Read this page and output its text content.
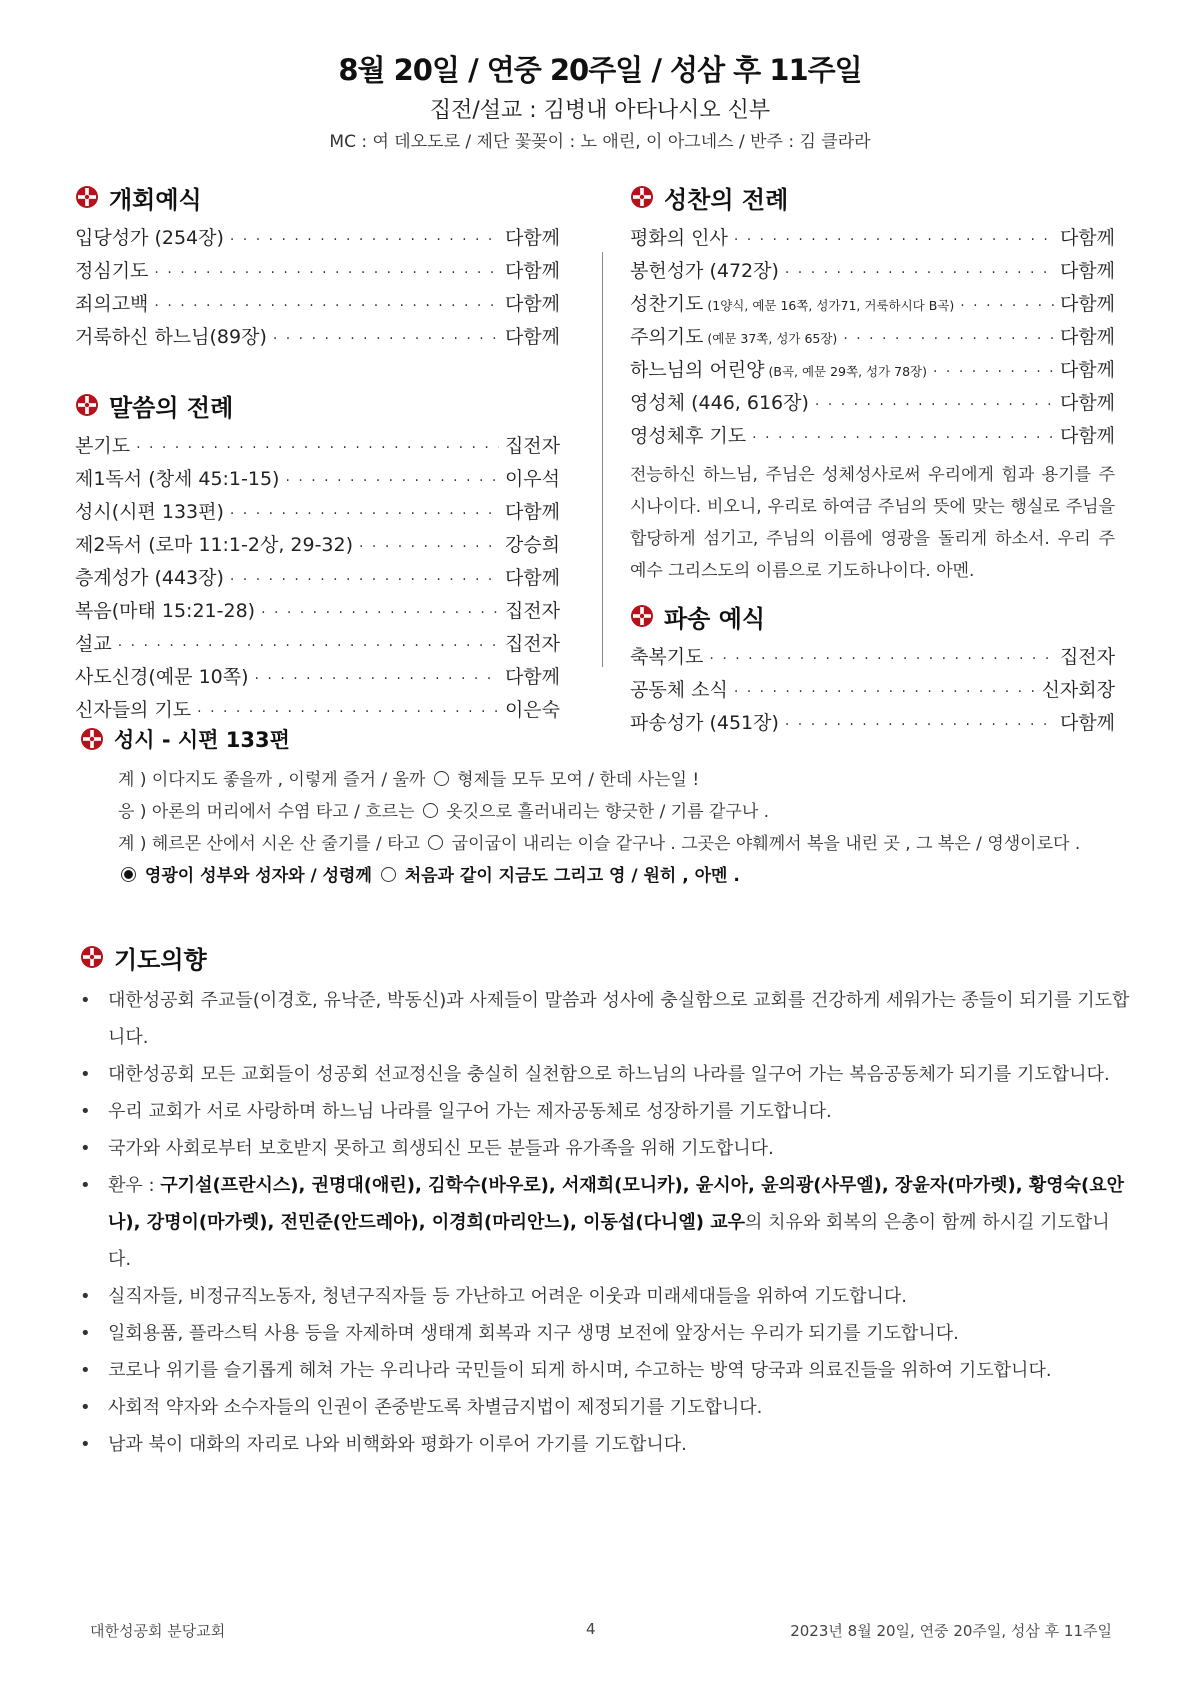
8월 20일 / 연중 20주일 / 성삼 후 11주일
집전/설교 : 김병내 아타나시오 신부
MC : 여 데오도로 / 제단 꽃꽂이 : 노 애린, 이 아그네스 / 반주 : 김 클라라
개회예식
입당성가 (254장) · · ·	다함께
정심기도 · · ·	다함께
죄의고백 · · ·	다함께
거룩하신 하느님(89장) · · ·	다함께
말씀의 전례
본기도 · · ·	집전자
제1독서 (창세 45:1-15) · · ·	이우석
성시(시편 133편) · · ·	다함께
제2독서 (로마 11:1-2상, 29-32) · · ·	강승희
층계성가 (443장) · · ·	다함께
복음(마태 15:21-28) · · ·	집전자
설교 · · ·	집전자
사도신경(예문 10쪽) · · ·	다함께
신자들의 기도 · · ·	이은숙
성찬의 전례
평화의 인사 · · ·	다함께
봉헌성가 (472장) · · ·	다함께
성찬기도 (1양식, 예문 16쪽, 성가71, 거룩하시다 B곡) · · ·	다함께
주의기도 (예문 37쪽, 성가 65장) · · ·	다함께
하느님의 어린양 (B곡, 예문 29쪽, 성가 78장) · · ·	다함께
영성체 (446, 616장) · · ·	다함께
영성체후 기도 · · ·	다함께
전능하신 하느님, 주님은 성체성사로써 우리에게 힘과 용기를 주시나이다. 비오니, 우리로 하여금 주님의 뜻에 맞는 행실로 주님을 합당하게 섬기고, 주님의 이름에 영광을 돌리게 하소서. 우리 주 예수 그리스도의 이름으로 기도하나이다. 아멘.
파송 예식
축복기도 · · ·	집전자
공동체 소식 · · ·	신자회장
파송성가 (451장) · · ·	다함께
성시 - 시편 133편
계 ) 이다지도 좋을까 , 이렇게 즐거 / 울까  형제들 모두 모여 / 한데 사는일 !
응 ) 아론의 머리에서 수염 타고 / 흐르는  옷깃으로 흘러내리는 향긋한 / 기름 같구나 .
계 ) 헤르몬 산에서 시온 산 줄기를 / 타고  굽이굽이 내리는 이슬 같구나 . 그곳은 야훼께서 복을 내린 곳 , 그 복은 / 영생이로다 .
영광이 성부와 성자와 / 성령께  처음과 같이 지금도 그리고 영 / 원히 , 아멘 .
기도의향
• 대한성공회 주교들(이경호, 유낙준, 박동신)과 사제들이 말씀과 성사에 충실함으로 교회를 건강하게 세워가는 종들이 되기를 기도합니다.
• 대한성공회 모든 교회들이 성공회 선교정신을 충실히 실천함으로 하느님의 나라를 일구어 가는 복음공동체가 되기를 기도합니다.
• 우리 교회가 서로 사랑하며 하느님 나라를 일구어 가는 제자공동체로 성장하기를 기도합니다.
• 국가와 사회로부터 보호받지 못하고 희생되신 모든 분들과 유가족을 위해 기도합니다.
• 환우 : 구기설(프란시스), 권명대(애린), 김학수(바우로), 서재희(모니카), 윤시아, 윤의광(사무엘), 장윤자(마가렛), 황영숙(요안나), 강명이(마가렛), 전민준(안드레아), 이경희(마리안느), 이동섭(다니엘) 교우의 치유와 회복의 은총이 함께 하시길 기도합니다.
• 실직자들, 비정규직노동자, 청년구직자들 등 가난하고 어려운 이웃과 미래세대들을 위하여 기도합니다.
• 일회용품, 플라스틱 사용 등을 자제하며 생태계 회복과 지구 생명 보전에 앞장서는 우리가 되기를 기도합니다.
• 코로나 위기를 슬기롭게 헤쳐 가는 우리나라 국민들이 되게 하시며, 수고하는 방역 당국과 의료진들을 위하여 기도합니다.
• 사회적 약자와 소수자들의 인권이 존중받도록 차별금지법이 제정되기를 기도합니다.
• 남과 북이 대화의 자리로 나와 비핵화와 평화가 이루어 가기를 기도합니다.
대한성공회 분당교회	4	2023년 8월 20일, 연중 20주일, 성삼 후 11주일
